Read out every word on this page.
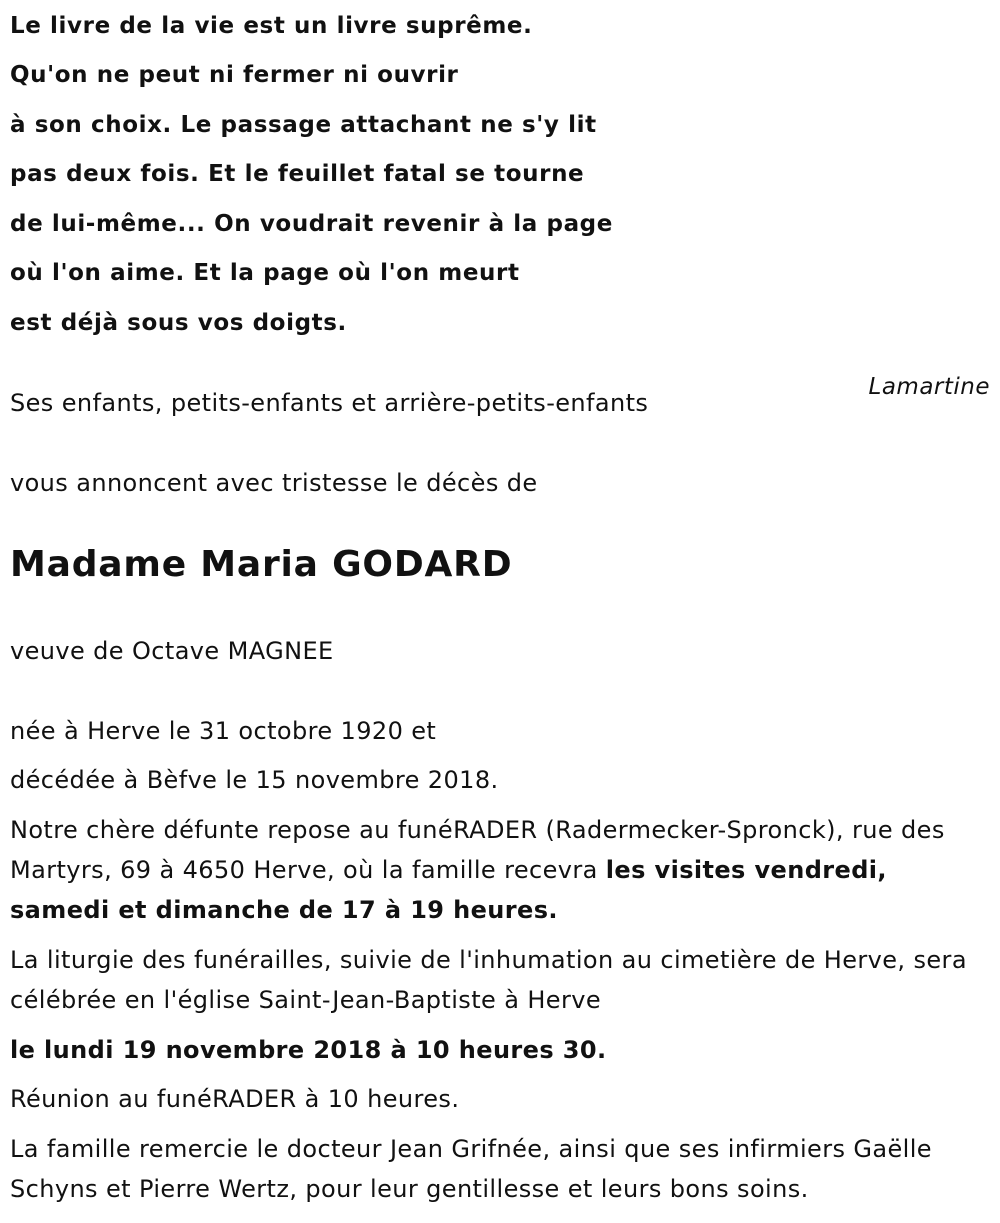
Le livre de la vie est un livre suprême.
Qu'on ne peut ni fermer ni ouvrir
à son choix. Le passage attachant ne s'y lit
pas deux fois. Et le feuillet fatal se tourne
de lui-même... On voudrait revenir à la page
où l'on aime. Et la page où l'on meurt
est déjà sous vos doigts.
Lamartine
Ses enfants, petits-enfants et arrière-petits-enfants
vous annoncent avec tristesse le décès de
Madame Maria GODARD
veuve de Octave MAGNEE
née à Herve le 31 octobre 1920 et
décédée à Bèfve le 15 novembre 2018.
Notre chère défunte repose au funéRADER (Radermecker-Spronck), rue des Martyrs, 69 à 4650 Herve, où la famille recevra les visites vendredi, samedi et dimanche de 17 à 19 heures.
La liturgie des funérailles, suivie de l'inhumation au cimetière de Herve, sera célébrée en l'église Saint-Jean-Baptiste à Herve
le lundi 19 novembre 2018 à 10 heures 30.
Réunion au funéRADER à 10 heures.
La famille remercie le docteur Jean Grifnée, ainsi que ses infirmiers Gaëlle Schyns et Pierre Wertz, pour leur gentillesse et leurs bons soins.
